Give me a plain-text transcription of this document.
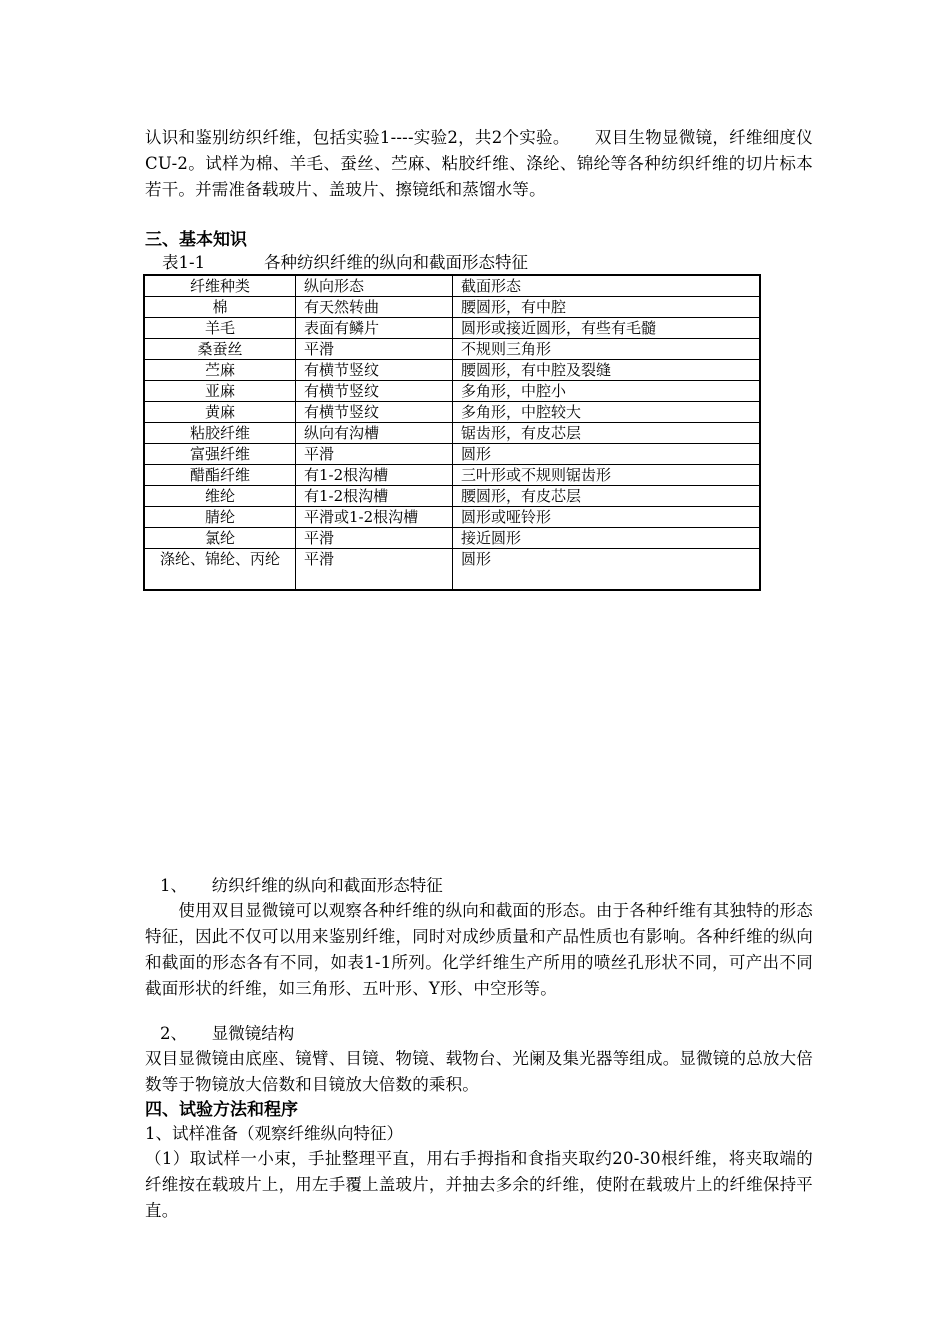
认识和鉴别纺织纤维，包括实验1----实验2，共2个实验。　　双目生物显微镜，纤维细度仪CU-2。试样为棉、羊毛、蚕丝、苎麻、粘胶纤维、涤纶、锦纶等各种纺织纤维的切片标本若干。并需准备载玻片、盖玻片、擦镜纸和蒸馏水等。

三、基本知识
表1-1	各种纺织纤维的纵向和截面形态特征
纤维种类	纵向形态	截面形态
棉	有天然转曲	腰圆形，有中腔
羊毛	表面有鳞片	圆形或接近圆形，有些有毛髓
桑蚕丝	平滑	不规则三角形
苎麻	有横节竖纹	腰圆形，有中腔及裂缝
亚麻	有横节竖纹	多角形，中腔小
黄麻	有横节竖纹	多角形，中腔较大
粘胶纤维	纵向有沟槽	锯齿形，有皮芯层
富强纤维	平滑	圆形
醋酯纤维	有1-2根沟槽	三叶形或不规则锯齿形
维纶	有1-2根沟槽	腰圆形，有皮芯层
腈纶	平滑或1-2根沟槽	圆形或哑铃形
氯纶	平滑	接近圆形
涤纶、锦纶、丙纶	平滑	圆形

1、　　纺织纤维的纵向和截面形态特征

　　使用双目显微镜可以观察各种纤维的纵向和截面的形态。由于各种纤维有其独特的形态特征，因此不仅可以用来鉴别纤维，同时对成纱质量和产品性质也有影响。各种纤维的纵向和截面的形态各有不同，如表1-1所列。化学纤维生产所用的喷丝孔形状不同，可产出不同截面形状的纤维，如三角形、五叶形、Y形、中空形等。

2、　　显微镜结构

双目显微镜由底座、镜臂、目镜、物镜、载物台、光阑及集光器等组成。显微镜的总放大倍数等于物镜放大倍数和目镜放大倍数的乘积。

四、试验方法和程序

1、试样准备（观察纤维纵向特征）

（1）取试样一小束，手扯整理平直，用右手拇指和食指夹取约20-30根纤维，将夹取端的纤维按在载玻片上，用左手覆上盖玻片，并抽去多余的纤维，使附在载玻片上的纤维保持平直。
